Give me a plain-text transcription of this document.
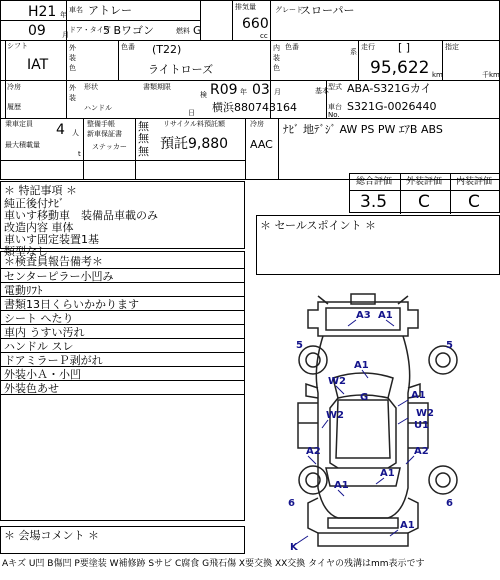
H21 年
09 月
車名 アトレー
ドア・タイプ
5 Bワゴン	燃料 G
排気量
660
cc
グレード
スローパー
シフト
IAT
外装色
色番 (T22)
ライトローズ
内装色
色番
系
走行 [ ]
95,622 km
指定
千km
冷房
履歴
外装
形状
ハンドル
書類期限
日
検 R09 年 03 月
横浜880743164
基本 型式 ABA-S321Gカイ
車台No.
S321G-0026440
乗車定員 4 人
整備手帳
新車保証書
無
無
リサイクル料預託額
預託9,880
冷房
AAC
ﾅﾋﾞ 地ﾃﾞｼﾞ AW PS PW ｴｱB ABS
最大積載量
t
ステッカー 無
＊ 特記事項 ＊
純正後付ﾅﾋﾞ
車いす移動車　装備品車載のみ
改造内容 車体
車いす固定装置1基
類型なし
総合評価 外装評価 内装評価
3.5 C C
＊ セールスポイント ＊
＊検査員報告備考＊
センターピラー小凹み
電動ﾘﾌﾄ
書類13日くらいかかります
シート へたり
車内 うすい汚れ
ハンドル スレ
ドアミラーＰ剥がれ
外装小Ａ・小凹
外装色あせ
＊ 会場コメント ＊
Aキズ U凹 B傷凹 P要塗装 W補修跡 Sサビ C腐食 G飛石傷 X要交換 XX交換 タイヤの残溝はmm表示です
A3 A1
5	5
A1
W2
G	A1
W2	W2
U1
A2	A2
A1
A1
6	6
A1
K
